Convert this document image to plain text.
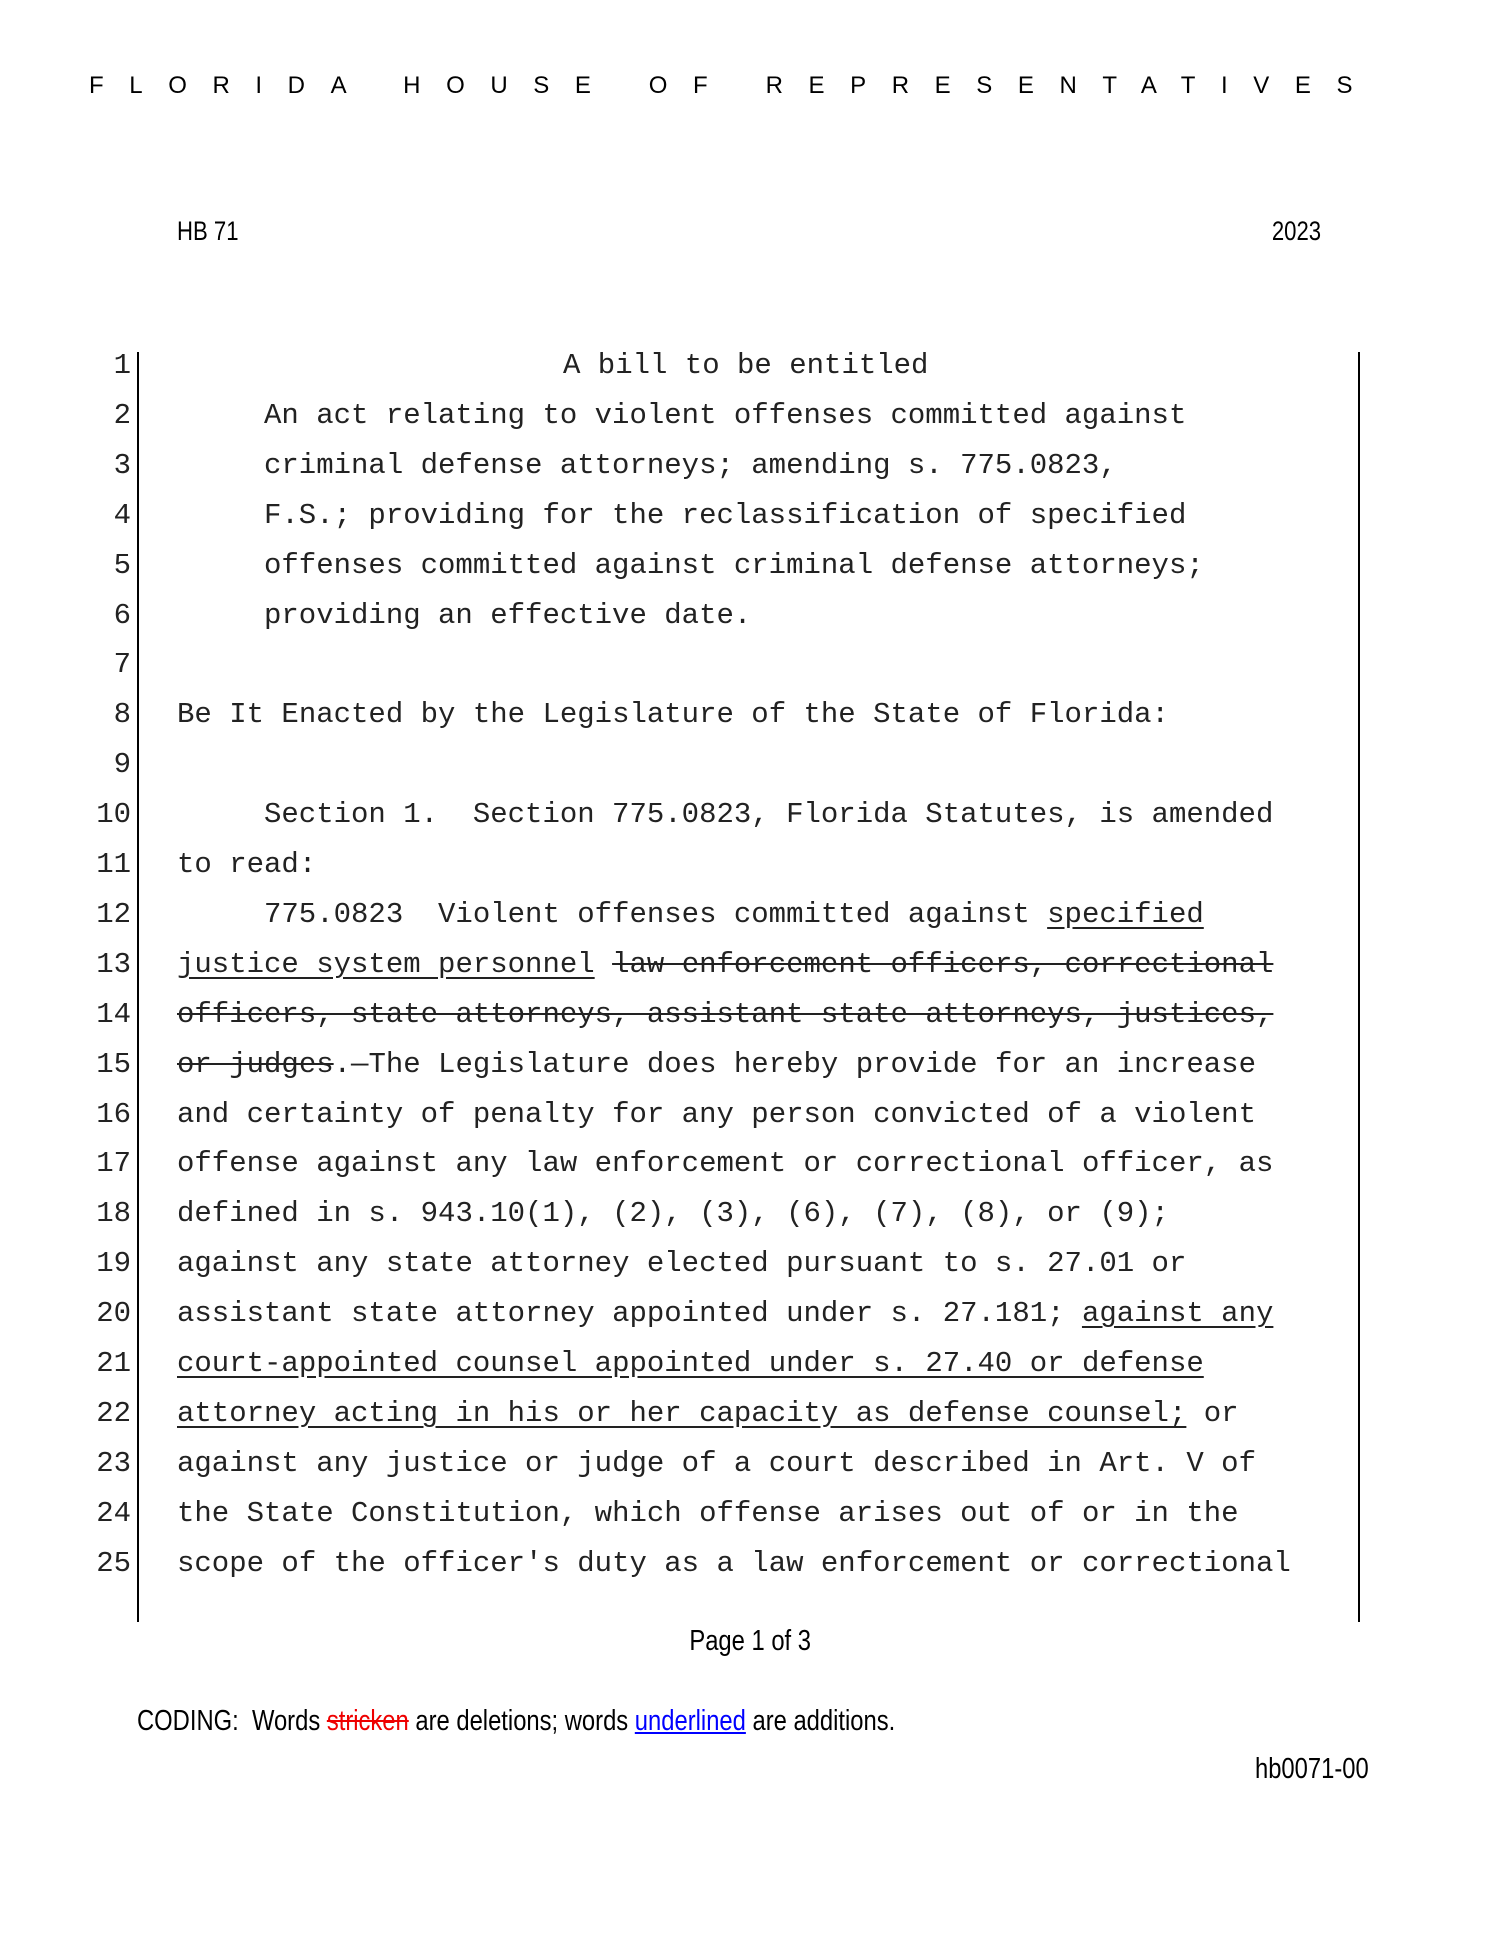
FLORIDA HOUSE OF REPRESENTATIVES
HB 71	2023
1	A bill to be entitled
2	An act relating to violent offenses committed against
3	criminal defense attorneys; amending s. 775.0823,
4	F.S.; providing for the reclassification of specified
5	offenses committed against criminal defense attorneys;
6	providing an effective date.
7
8 Be It Enacted by the Legislature of the State of Florida:
9
10	Section 1.  Section 775.0823, Florida Statutes, is amended
11 to read:
12	775.0823  Violent offenses committed against specified
13 justice system personnel law enforcement officers, correctional
14 officers, state attorneys, assistant state attorneys, justices,
15 or judges.—The Legislature does hereby provide for an increase
16 and certainty of penalty for any person convicted of a violent
17 offense against any law enforcement or correctional officer, as
18 defined in s. 943.10(1), (2), (3), (6), (7), (8), or (9);
19 against any state attorney elected pursuant to s. 27.01 or
20 assistant state attorney appointed under s. 27.181; against any
21 court-appointed counsel appointed under s. 27.40 or defense
22 attorney acting in his or her capacity as defense counsel; or
23 against any justice or judge of a court described in Art. V of
24 the State Constitution, which offense arises out of or in the
25 scope of the officer's duty as a law enforcement or correctional
Page 1 of 3
CODING:  Words stricken are deletions; words underlined are additions.
hb0071-00
